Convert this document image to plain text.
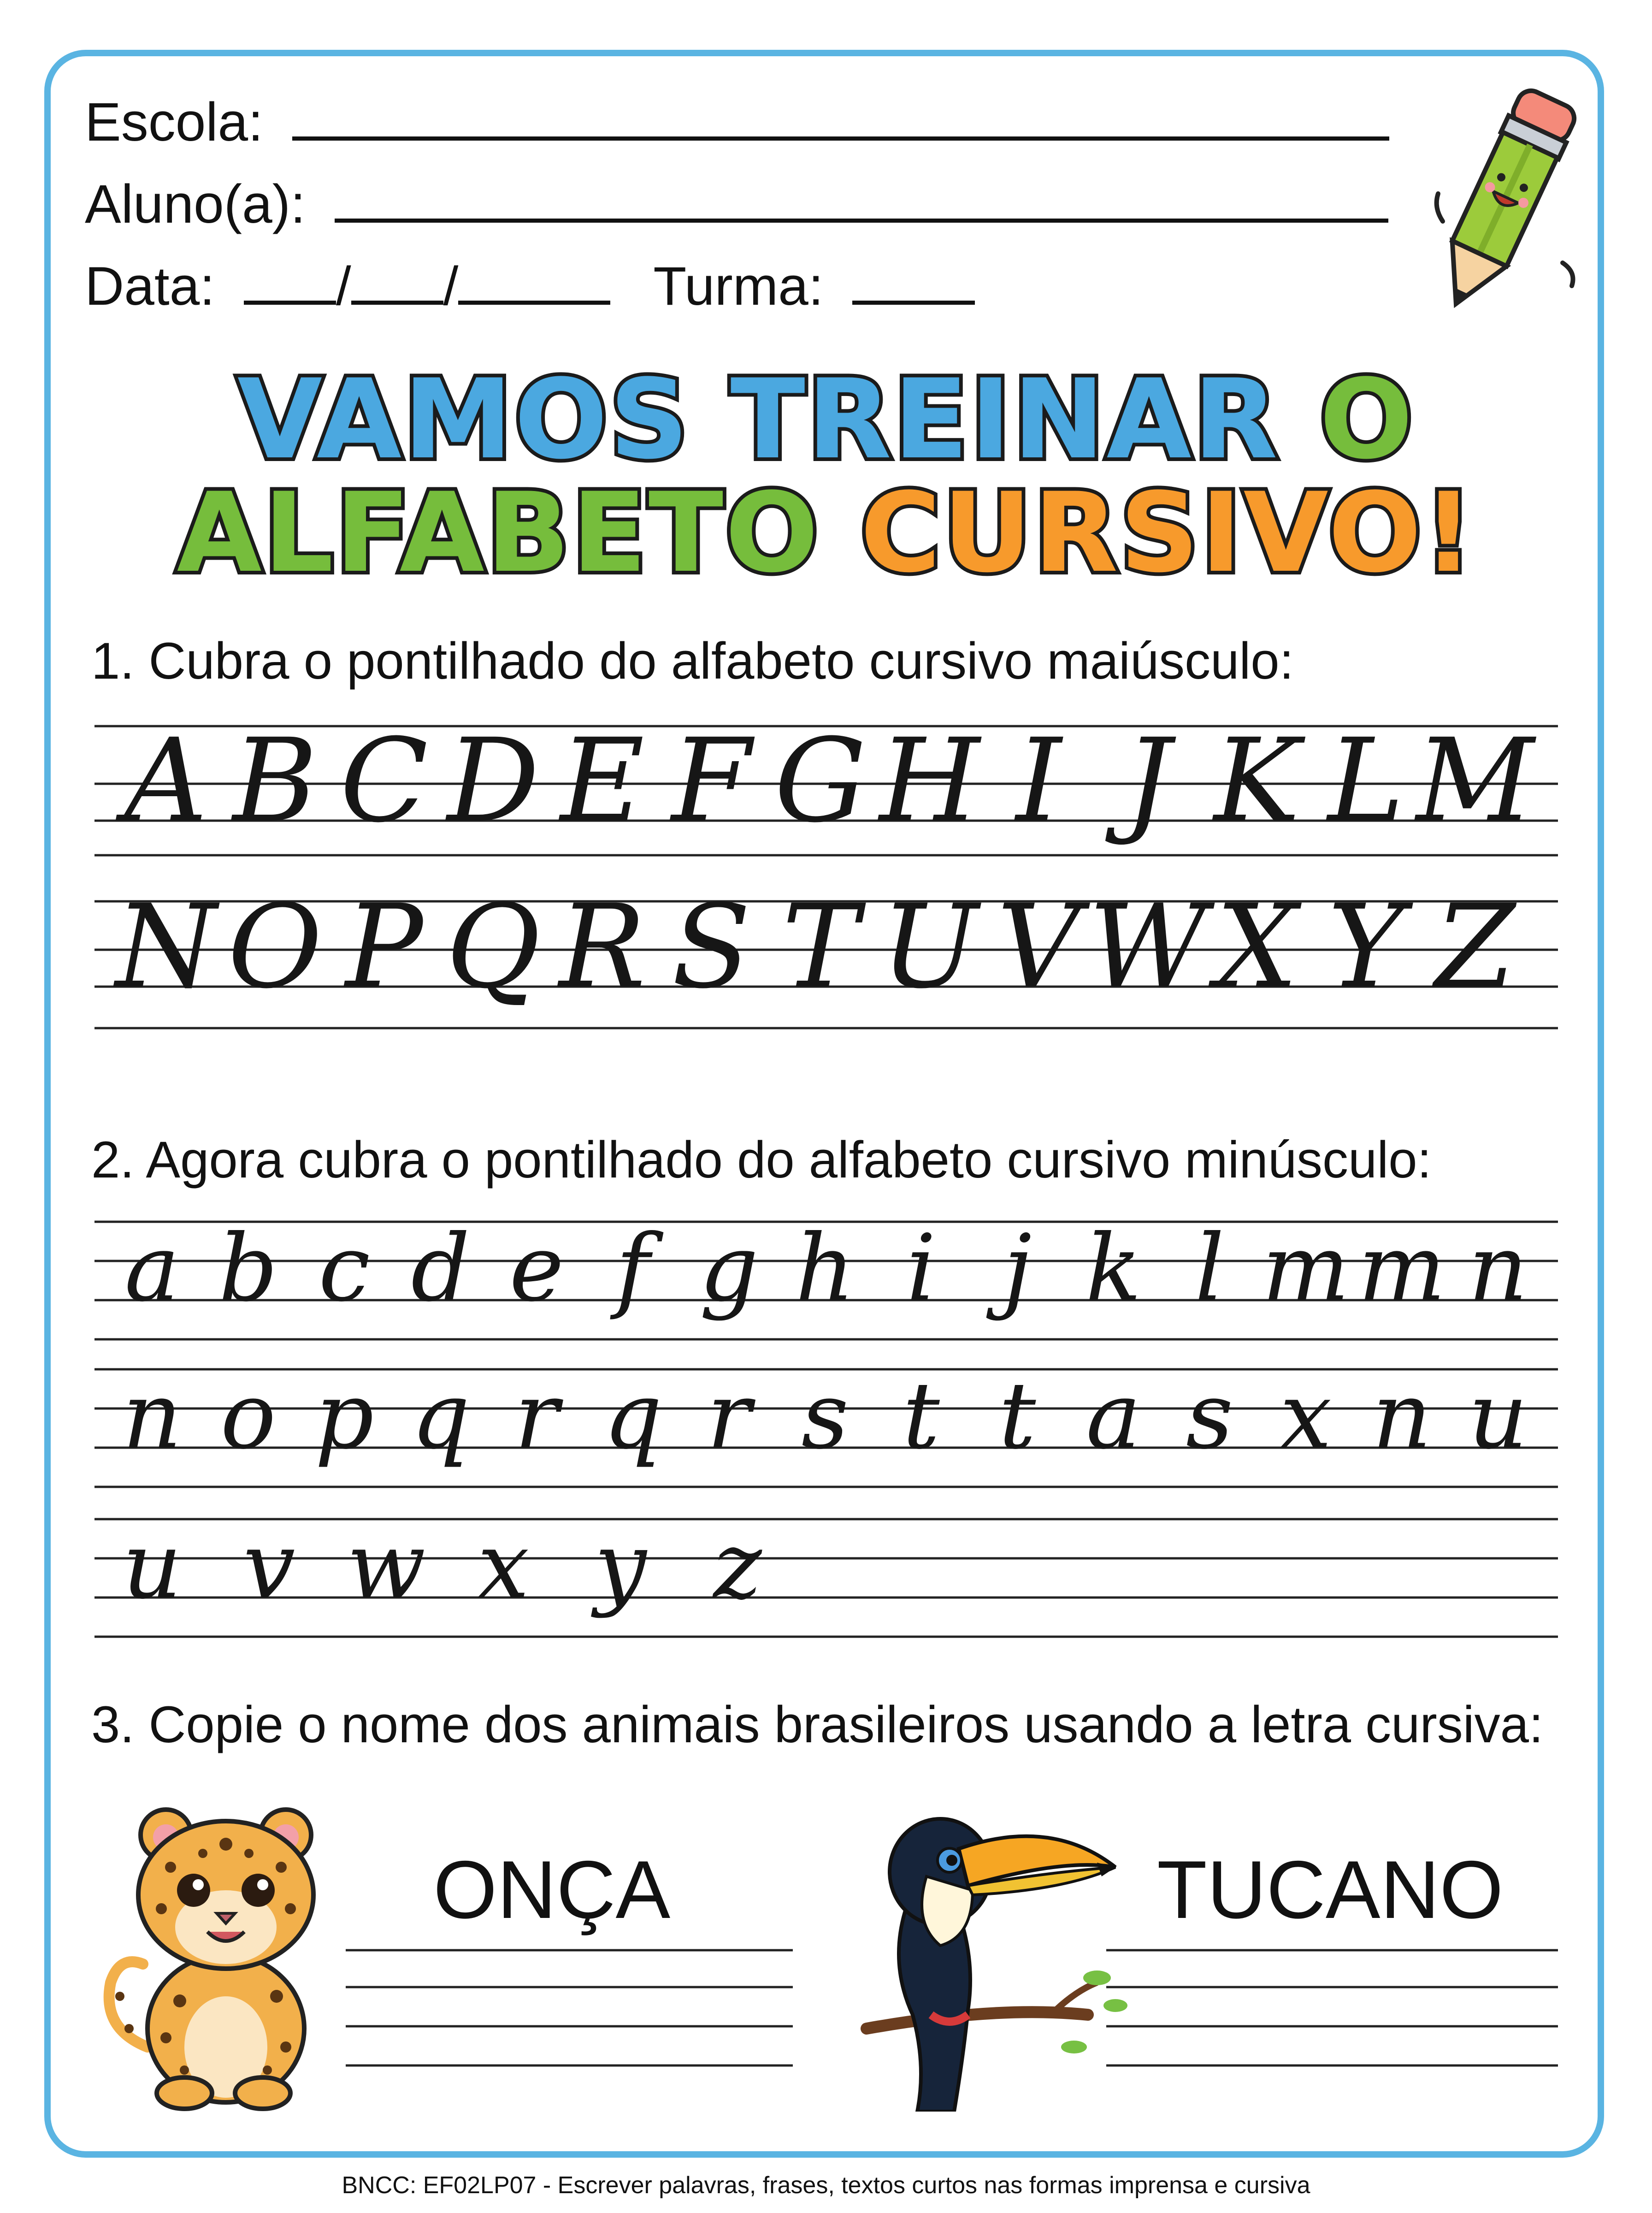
Escola:
Aluno(a):
Data: / /	Turma:
VAMOS TREINAR O
ALFABETO CURSIVO!
1. Cubra o pontilhado do alfabeto cursivo maiúsculo:
A B C D E F G H I J K L M
N O P Q R S T U V W X Y Z
a b c d e f g h i j k l m m n
n o p q r q r s t t a s x n u
u v w x y z
2. Agora cubra o pontilhado do alfabeto cursivo minúsculo:
3. Copie o nome dos animais brasileiros usando a letra cursiva:
ONÇA	TUCANO
BNCC: EF02LP07 - Escrever palavras, frases, textos curtos nas formas imprensa e cursiva
